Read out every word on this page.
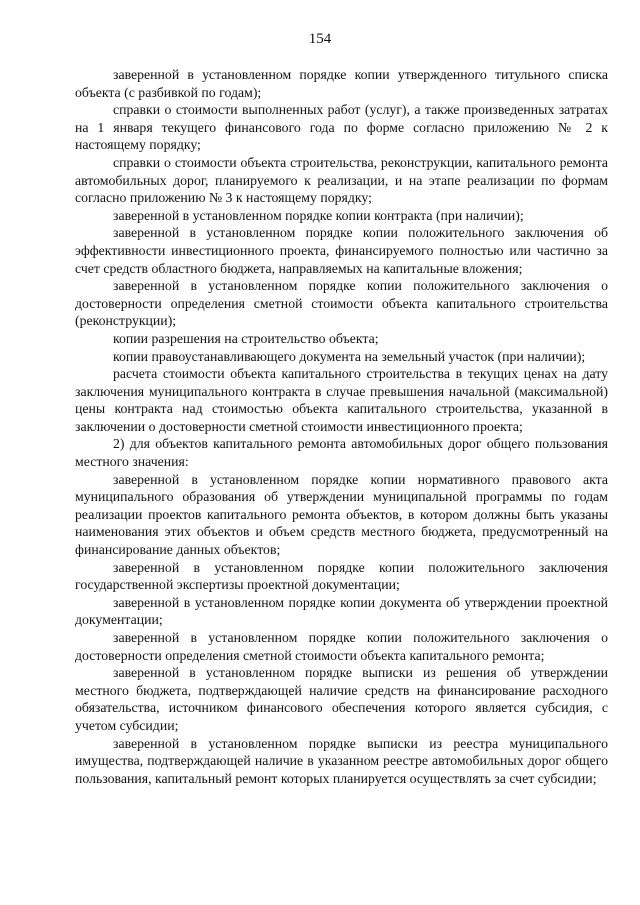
154

заверенной в установленном порядке копии утвержденного титульного списка объекта (с разбивкой по годам);

справки о стоимости выполненных работ (услуг), а также произведенных затратах на 1 января текущего финансового года по форме согласно приложению № 2 к настоящему порядку;

справки о стоимости объекта строительства, реконструкции, капитального ремонта автомобильных дорог, планируемого к реализации, и на этапе реализации по формам согласно приложению № 3 к настоящему порядку;

заверенной в установленном порядке копии контракта (при наличии);

заверенной в установленном порядке копии положительного заключения об эффективности инвестиционного проекта, финансируемого полностью или частично за счет средств областного бюджета, направляемых на капитальные вложения;

заверенной в установленном порядке копии положительного заключения о достоверности определения сметной стоимости объекта капитального строительства (реконструкции);

копии разрешения на строительство объекта;

копии правоустанавливающего документа на земельный участок (при наличии);

расчета стоимости объекта капитального строительства в текущих ценах на дату заключения муниципального контракта в случае превышения начальной (максимальной) цены контракта над стоимостью объекта капитального строительства, указанной в заключении о достоверности сметной стоимости инвестиционного проекта;

2) для объектов капитального ремонта автомобильных дорог общего пользования местного значения:

заверенной в установленном порядке копии нормативного правового акта муниципального образования об утверждении муниципальной программы по годам реализации проектов капитального ремонта объектов, в котором должны быть указаны наименования этих объектов и объем средств местного бюджета, предусмотренный на финансирование данных объектов;

заверенной в установленном порядке копии положительного заключения государственной экспертизы проектной документации;

заверенной в установленном порядке копии документа об утверждении проектной документации;

заверенной в установленном порядке копии положительного заключения о достоверности определения сметной стоимости объекта капитального ремонта;

заверенной в установленном порядке выписки из решения об утверждении местного бюджета, подтверждающей наличие средств на финансирование расходного обязательства, источником финансового обеспечения которого является субсидия, с учетом субсидии;

заверенной в установленном порядке выписки из реестра муниципального имущества, подтверждающей наличие в указанном реестре автомобильных дорог общего пользования, капитальный ремонт которых планируется осуществлять за счет субсидии;
